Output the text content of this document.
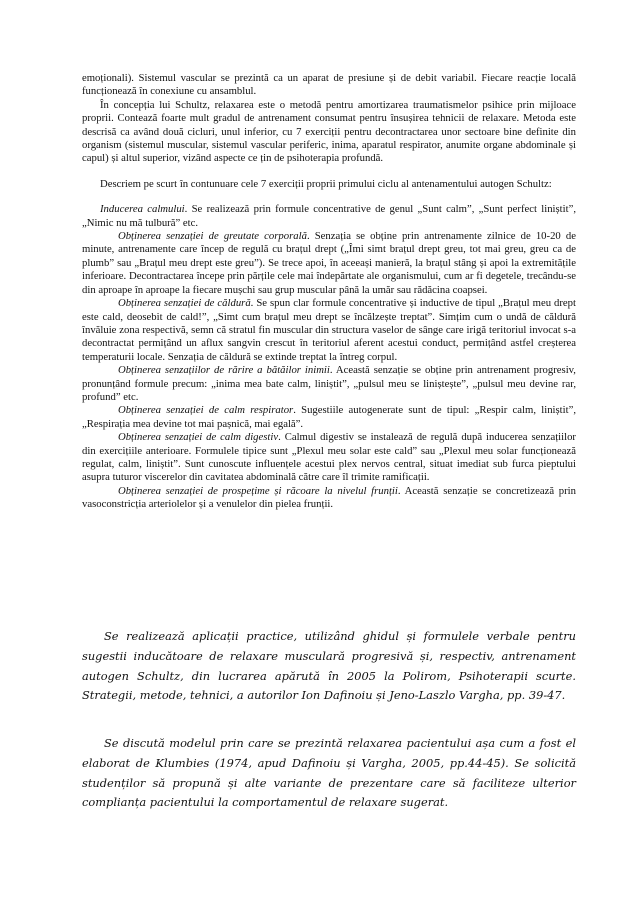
emoționali). Sistemul vascular se prezintă ca un aparat de presiune și de debit variabil. Fiecare reacție locală funcționează în conexiune cu ansamblul.

În concepția lui Schultz, relaxarea este o metodă pentru amortizarea traumatismelor psihice prin mijloace proprii. Contează foarte mult gradul de antrenament consumat pentru însușirea tehnicii de relaxare. Metoda este descrisă ca având două cicluri, unul inferior, cu 7 exerciții pentru decontractarea unor sectoare bine definite din organism (sistemul muscular, sistemul vascular periferic, inima, aparatul respirator, anumite organe abdominale și capul) și altul superior, vizând aspecte ce țin de psihoterapia profundă.

Descriem pe scurt în contunuare cele 7 exerciții proprii primului ciclu al antenamentului autogen Schultz:

Inducerea calmului. Se realizează prin formule concentrative de genul „Sunt calm”, „Sunt perfect liniștit”, „Nimic nu mă tulbură” etc.

Obținerea senzației de greutate corporală. Senzația se obține prin antrenamente zilnice de 10-20 de minute, antrenamente care încep de regulă cu brațul drept („Îmi simt brațul drept greu, tot mai greu, greu ca de plumb” sau „Brațul meu drept este greu”). Se trece apoi, în aceeași manieră, la brațul stâng și apoi la extremitățile inferioare. Decontractarea începe prin părțile cele mai îndepărtate ale organismului, cum ar fi degetele, trecându-se din aproape în aproape la fiecare mușchi sau grup muscular până la umăr sau rădăcina coapsei.

Obținerea senzației de căldură. Se spun clar formule concentrative și inductive de tipul „Brațul meu drept este cald, deosebit de cald!”, „Simt cum brațul meu drept se încălzește treptat”. Simțim cum o undă de căldură învăluie zona respectivă, semn că stratul fin muscular din structura vaselor de sânge care irigă teritoriul invocat s-a decontractat permițând un aflux sangvin crescut în teritoriul aferent acestui conduct, permițând astfel creșterea temperaturii locale. Senzația de căldură se extinde treptat la întreg corpul.

Obținerea senzațiilor de rărire a bătăilor inimii. Această senzație se obține prin antrenament progresiv, pronunțând formule precum: „inima mea bate calm, liniștit”, „pulsul meu se liniștește”, „pulsul meu devine rar, profund” etc.

Obținerea senzației de calm respirator. Sugestiile autogenerate sunt de tipul: „Respir calm, liniștit”, „Respirația mea devine tot mai pașnică, mai egală”.

Obținerea senzației de calm digestiv. Calmul digestiv se instalează de regulă după inducerea senzațiilor din exercițiile anterioare. Formulele tipice sunt „Plexul meu solar este cald” sau „Plexul meu solar funcționează regulat, calm, liniștit”. Sunt cunoscute influențele acestui plex nervos central, situat imediat sub furca pieptului asupra tuturor viscerelor din cavitatea abdominală către care îl trimite ramificații.

Obținerea senzației de prospețime și răcoare la nivelul frunții. Această senzație se concretizează prin vasoconstricția arteriolelor și a venulelor din pielea frunții.

Se realizează aplicații practice, utilizând ghidul și formulele verbale pentru sugestii inducătoare de relaxare musculară progresivă și, respectiv, antrenament autogen Schultz, din lucrarea apărută în 2005 la Polirom, Psihoterapii scurte. Strategii, metode, tehnici, a autorilor Ion Dafinoiu și Jeno-Laszlo Vargha, pp. 39-47.

Se discută modelul prin care se prezintă relaxarea pacientului așa cum a fost el elaborat de Klumbies (1974, apud Dafinoiu și Vargha, 2005, pp.44-45). Se solicită studenților să propună și alte variante de prezentare care să faciliteze ulterior complianța pacientului la comportamentul de relaxare sugerat.
